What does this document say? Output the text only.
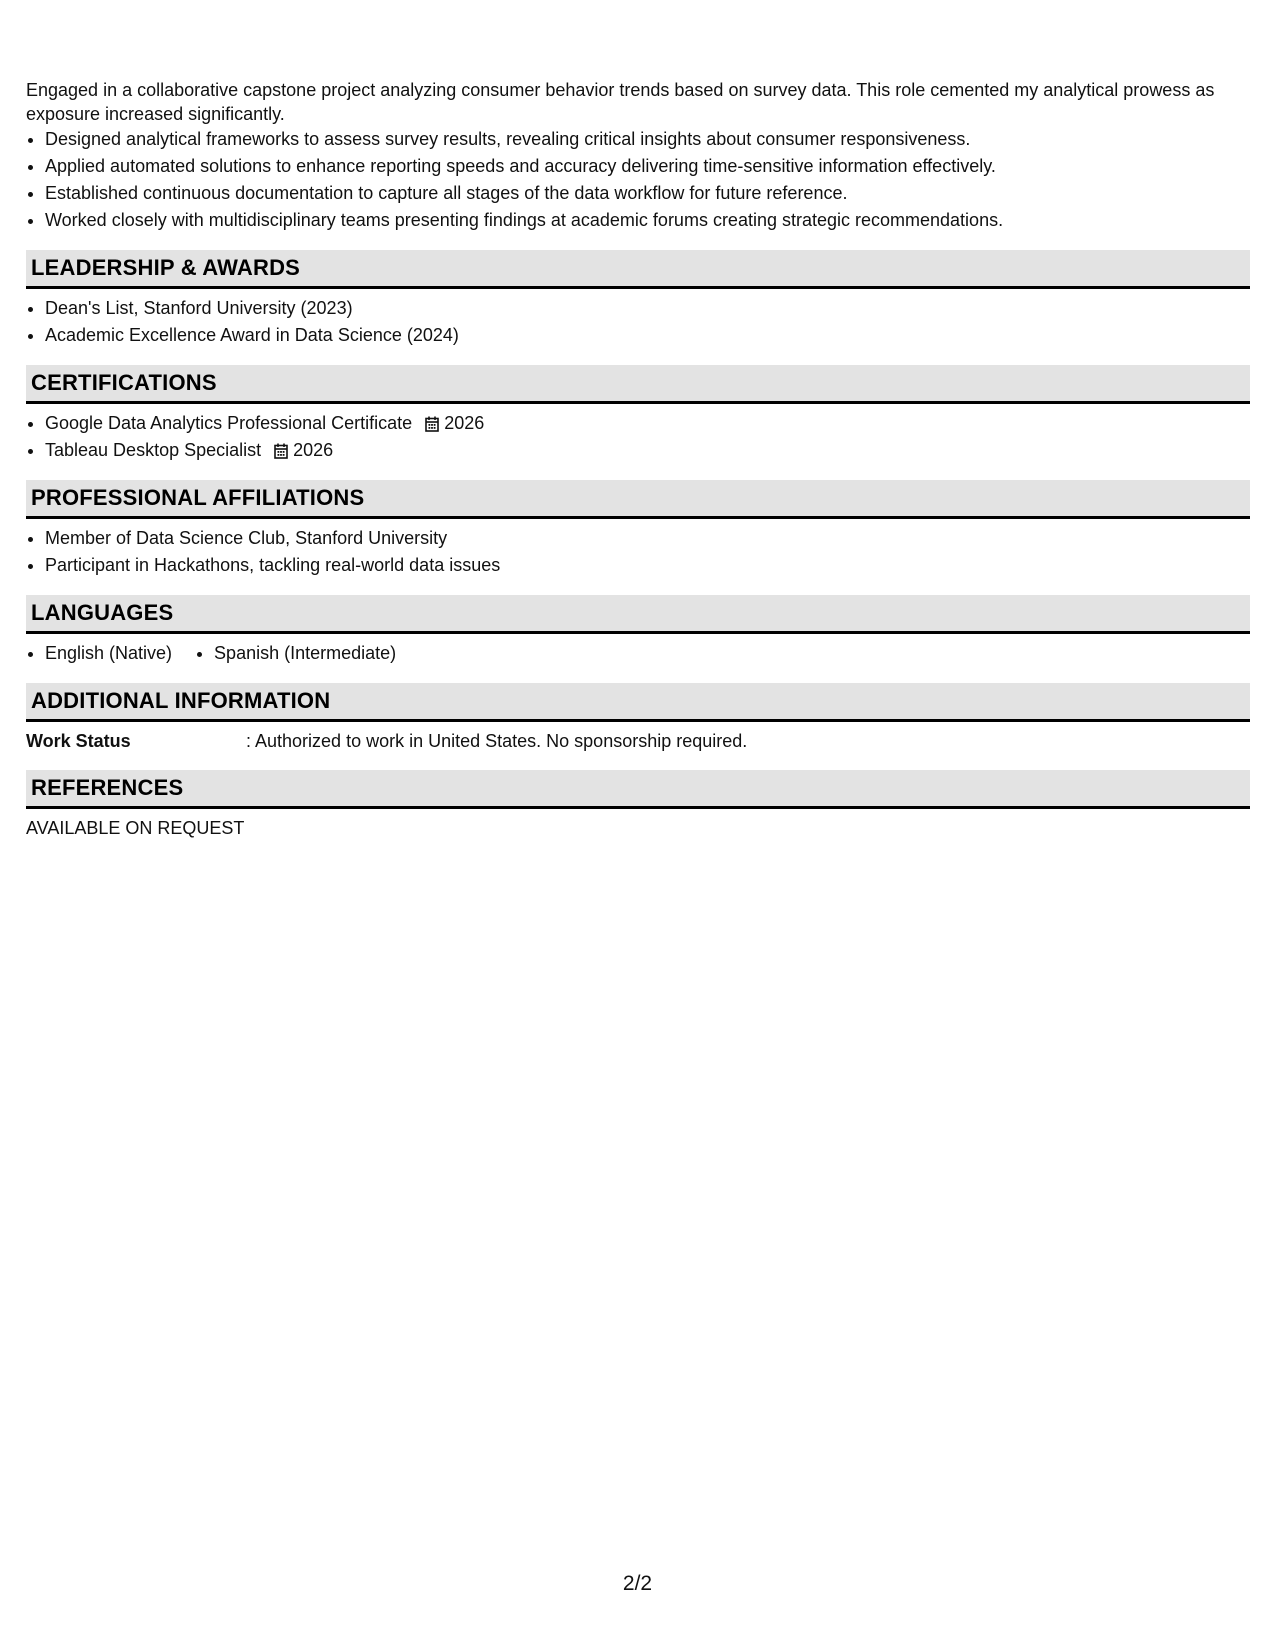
Engaged in a collaborative capstone project analyzing consumer behavior trends based on survey data. This role cemented my analytical prowess as exposure increased significantly.

• Designed analytical frameworks to assess survey results, revealing critical insights about consumer responsiveness.
• Applied automated solutions to enhance reporting speeds and accuracy delivering time-sensitive information effectively.
• Established continuous documentation to capture all stages of the data workflow for future reference.
• Worked closely with multidisciplinary teams presenting findings at academic forums creating strategic recommendations.
LEADERSHIP & AWARDS
• Dean's List, Stanford University (2023)
• Academic Excellence Award in Data Science (2024)
CERTIFICATIONS
• Google Data Analytics Professional Certificate 2026
• Tableau Desktop Specialist 2026
PROFESSIONAL AFFILIATIONS
• Member of Data Science Club, Stanford University
• Participant in Hackathons, tackling real-world data issues
LANGUAGES
• English (Native)
• Spanish (Intermediate)
ADDITIONAL INFORMATION
Work Status	: Authorized to work in United States. No sponsorship required.
REFERENCES
AVAILABLE ON REQUEST
2/2
